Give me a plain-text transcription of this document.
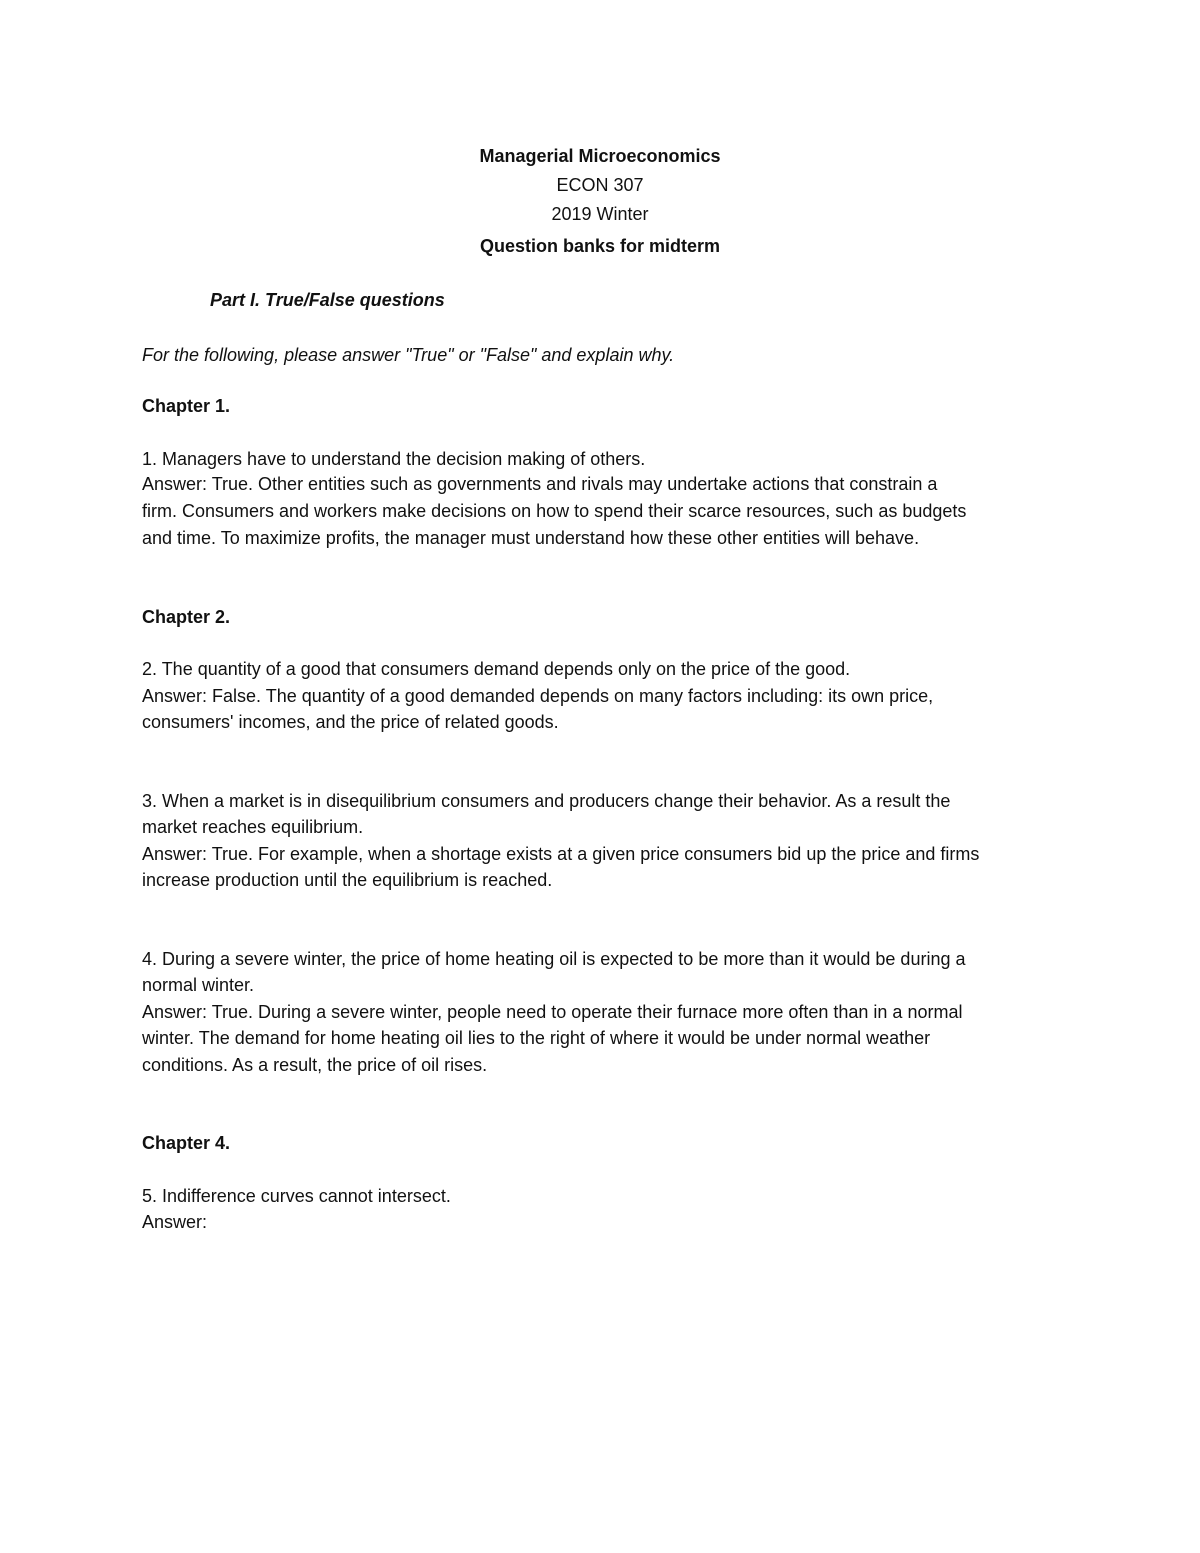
Managerial Microeconomics
ECON 307
2019 Winter
Question banks for midterm
Part I. True/False questions
For the following, please answer "True" or "False" and explain why.
Chapter 1.
1. Managers have to understand the decision making of others.
Answer: True. Other entities such as governments and rivals may undertake actions that constrain a
firm. Consumers and workers make decisions on how to spend their scarce resources, such as budgets
and time. To maximize profits, the manager must understand how these other entities will behave.
Chapter 2.
2. The quantity of a good that consumers demand depends only on the price of the good.
Answer: False. The quantity of a good demanded depends on many factors including: its own price,
consumers' incomes, and the price of related goods.
3. When a market is in disequilibrium consumers and producers change their behavior. As a result the
market reaches equilibrium.
Answer: True. For example, when a shortage exists at a given price consumers bid up the price and firms
increase production until the equilibrium is reached.
4. During a severe winter, the price of home heating oil is expected to be more than it would be during a
normal winter.
Answer: True. During a severe winter, people need to operate their furnace more often than in a normal
winter. The demand for home heating oil lies to the right of where it would be under normal weather
conditions. As a result, the price of oil rises.
Chapter 4.
5. Indifference curves cannot intersect.
Answer:
